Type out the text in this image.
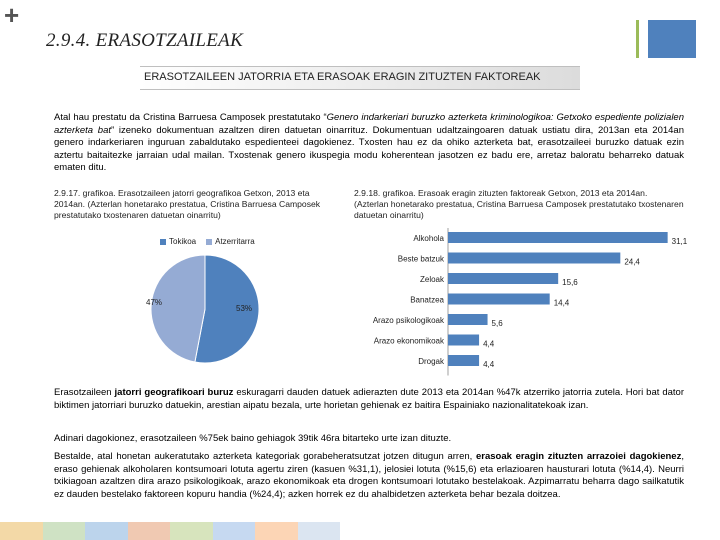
+
2.9.4. ERASOTZAILEAK
ERASOTZAILEEN JATORRIA ETA ERASOAK ERAGIN ZITUZTEN FAKTOREAK

Atal hau prestatu da Cristina Barruesa Camposek prestatutako “Genero indarkeriari buruzko azterketa kriminologikoa: Getxoko espediente polizialen azterketa bat” izeneko dokumentuan azaltzen diren datuetan oinarrituz. Dokumentuan udaltzaingoaren datuak ustiatu dira, 2013an eta 2014an genero indarkeriaren inguruan zabaldutako espedienteei dagokienez. Txosten hau ez da ohiko azterketa bat, erasotzaileei buruzko datuak ezin aztertu baitaitezke jarraian udal mailan. Txostenak genero ikuspegia modu koherentean jasotzen ez badu ere, arretaz baloratu beharreko datuak ematen ditu.

2.9.17. grafikoa. Erasotzaileen jatorri geografikoa Getxon, 2013 eta 2014an. (Azterlan honetarako prestatua, Cristina Barruesa Camposek prestatutako txostenaren datuetan oinarritu)

2.9.18. grafikoa. Erasoak eragin zituzten faktoreak Getxon, 2013 eta 2014an. (Azterlan honetarako prestatua, Cristina Barruesa Camposek prestatutako txostenaren datuetan oinarritu)

Tokikoa	Atzerritarra
47%
53%
Alkohola	31,1
Beste batzuk	24,4
Zeloak	15,6
Banatzea	14,4
Arazo psikologikoak	5,6
Arazo ekonomikoak	4,4
Drogak	4,4

Erasotzaileen jatorri geografikoari buruz eskuragarri dauden datuek adierazten dute 2013 eta 2014an %47k atzerriko jatorria zutela. Hori bat dator biktimen jatorriari buruzko datuekin, arestian aipatu bezala, urte horietan gehienak ez baitira Espainiako nazionalitatekoak izan.

Adinari dagokionez, erasotzaileen %75ek baino gehiagok 39tik 46ra bitarteko urte izan dituzte.

Bestalde, atal honetan aukeratutako azterketa kategoriak gorabeheratsutzat jotzen ditugun arren, erasoak eragin zituzten arrazoiei dagokienez, eraso gehienak alkoholaren kontsumoari lotuta agertu ziren (kasuen %31,1), jelosiei lotuta (%15,6) eta erlazioaren hausturari lotuta (%14,4). Neurri txikiagoan azaltzen dira arazo psikologikoak, arazo ekonomikoak eta drogen kontsumoari lotutako bestelakoak. Azpimarratu beharra dago sailkatutik ez dauden bestelako faktoreen kopuru handia (%24,4); azken horrek ez du ahalbidetzen azterketa behar bezala doitzea.
